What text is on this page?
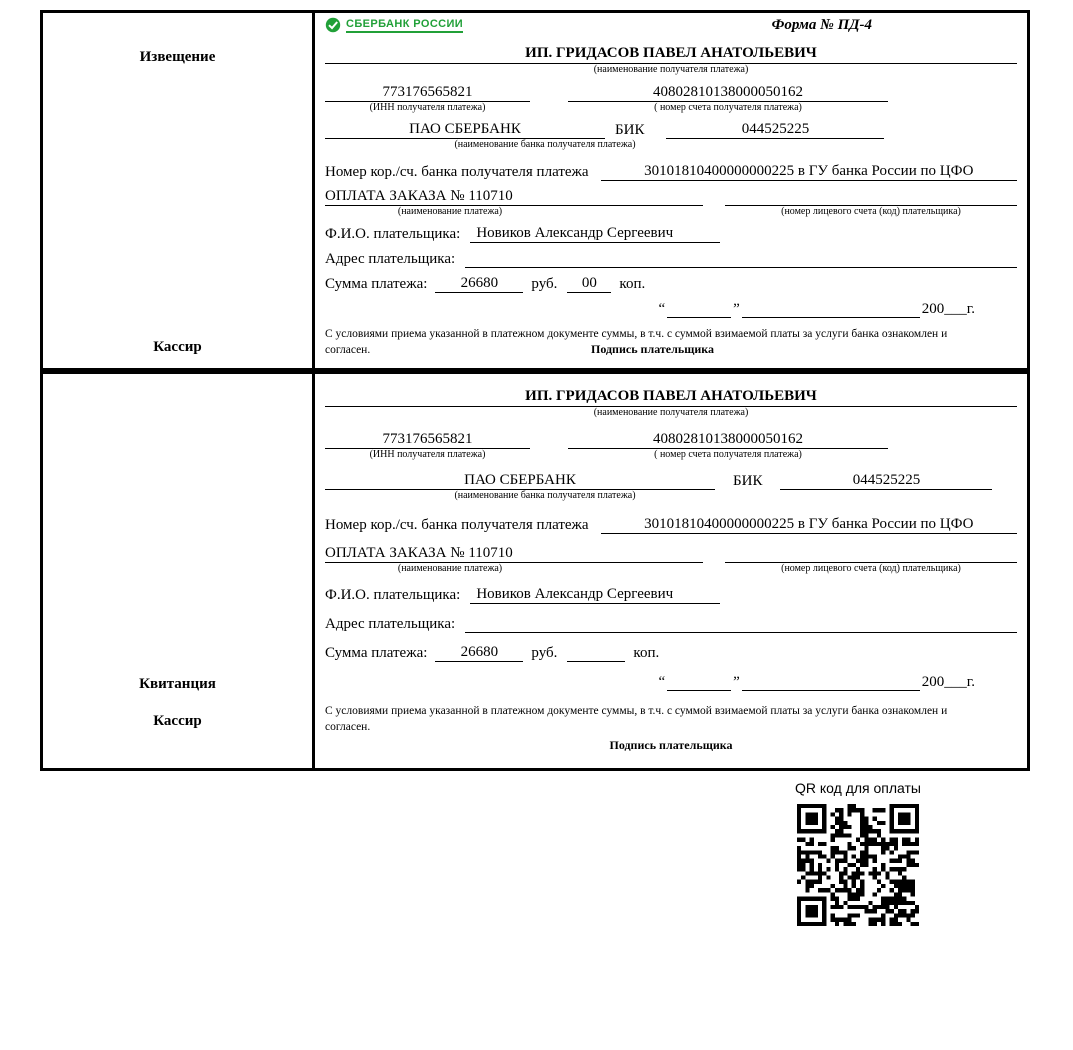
Извещение
Кассир
СБЕРБАНК РОССИИ	Форма № ПД-4
ИП. ГРИДАСОВ ПАВЕЛ АНАТОЛЬЕВИЧ
(наименование получателя платежа)
773176565821	40802810138000050162
(ИНН получателя платежа)	( номер счета получателя платежа)
ПАО СБЕРБАНК	БИК	044525225
(наименование банка получателя платежа)
Номер кор./сч. банка получателя платежа	30101810400000000225 в ГУ банка России по ЦФО
ОПЛАТА ЗАКАЗА № 110710
(наименование платежа)	(номер лицевого счета (код) плательщика)
Ф.И.О. плательщика:	Новиков Александр Сергеевич
Адрес плательщика:
Сумма платежа:	26680	руб.	00	коп.
“	”	200___г.

С условиями приема указанной в платежном документе суммы, в т.ч. с суммой взимаемой платы за услуги банка ознакомлен и согласен.	Подпись плательщика
Квитанция
Кассир
ИП. ГРИДАСОВ ПАВЕЛ АНАТОЛЬЕВИЧ
(наименование получателя платежа)
773176565821	40802810138000050162
(ИНН получателя платежа)	( номер счета получателя платежа)
ПАО СБЕРБАНК	БИК	044525225
(наименование банка получателя платежа)
Номер кор./сч. банка получателя платежа	30101810400000000225 в ГУ банка России по ЦФО
ОПЛАТА ЗАКАЗА № 110710
(наименование платежа)	(номер лицевого счета (код) плательщика)
Ф.И.О. плательщика:	Новиков Александр Сергеевич
Адрес плательщика:
Сумма платежа:	26680	руб.	коп.
“	”	200___г.

С условиями приема указанной в платежном документе суммы, в т.ч. с суммой взимаемой платы за услуги банка ознакомлен и согласен.

Подпись плательщика

QR код для оплаты
